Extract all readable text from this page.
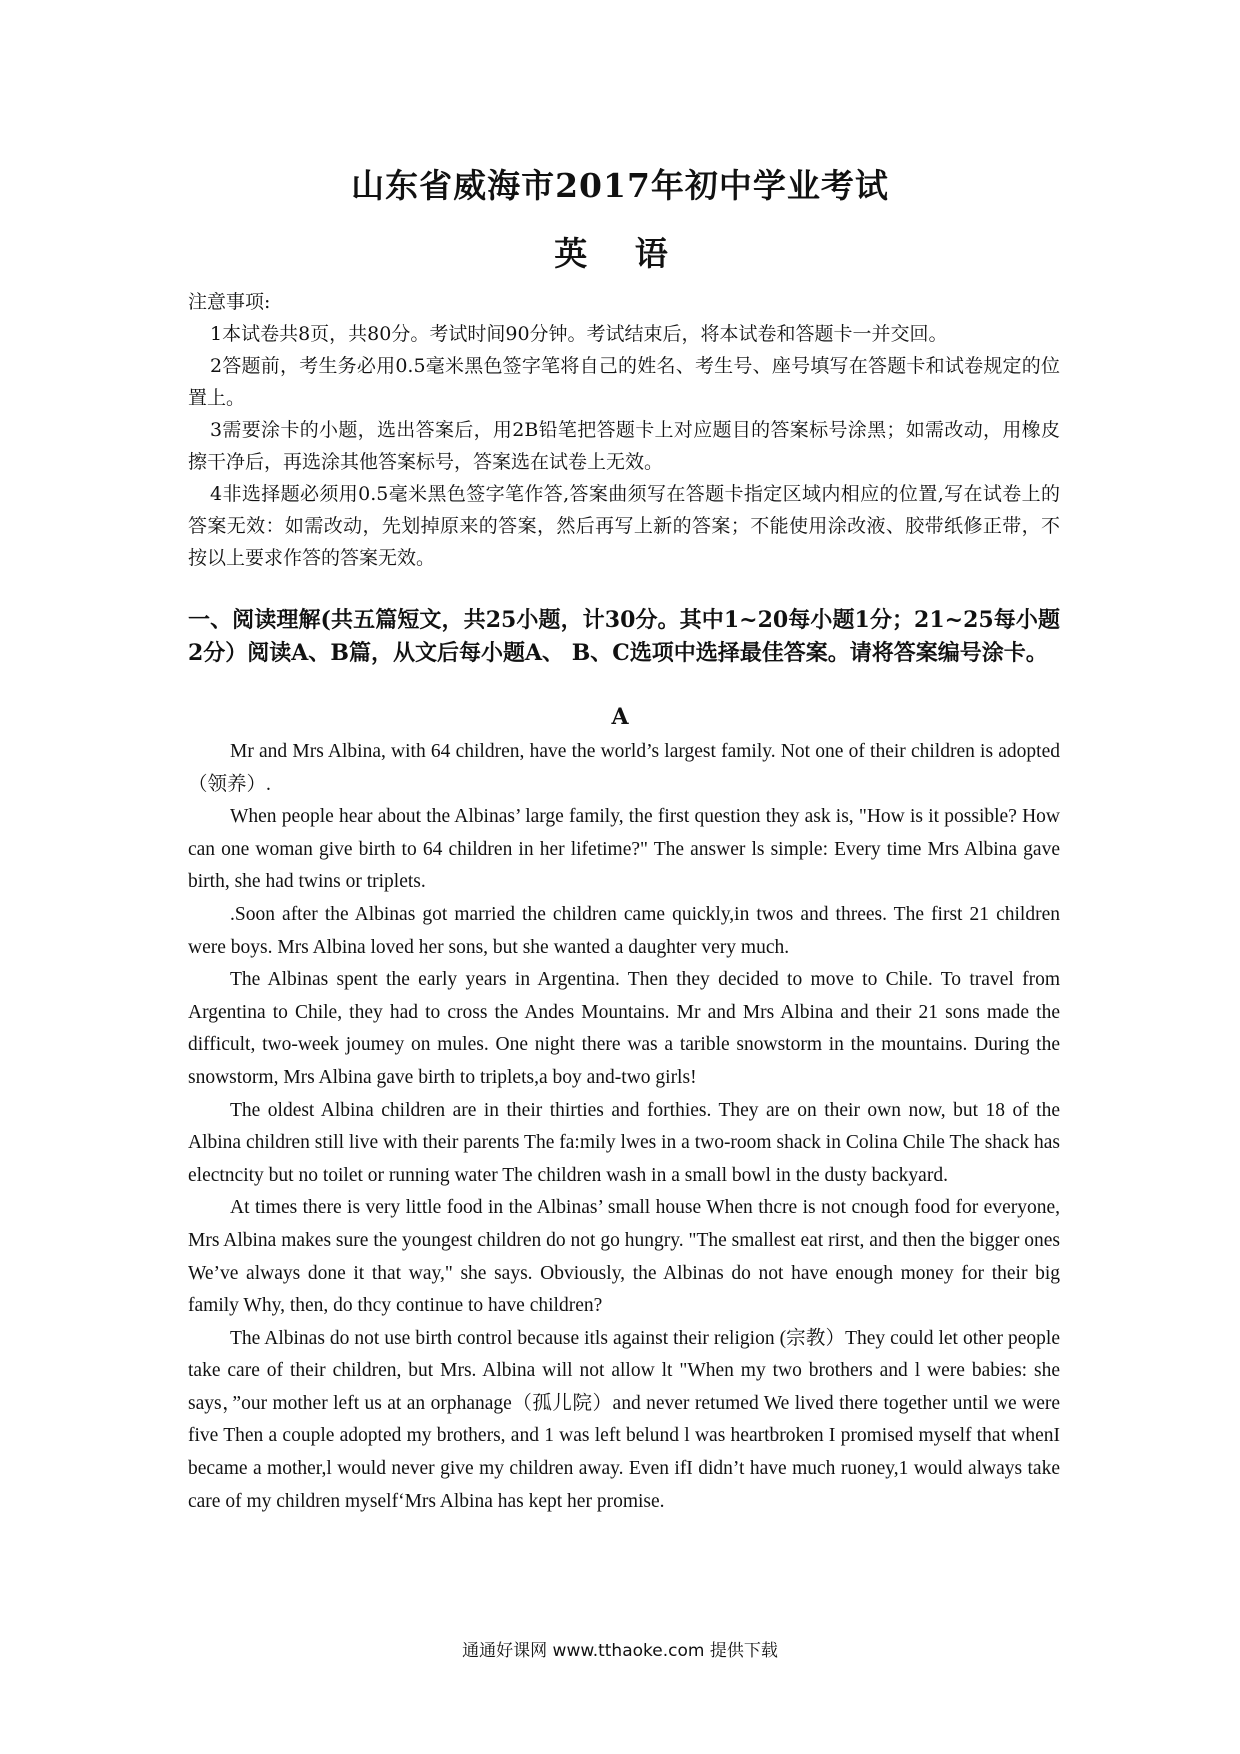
山东省威海市2017年初中学业考试
英 语

注意事项:

1本试卷共8页，共80分。考试时间90分钟。考试结束后，将本试卷和答题卡一并交回。

2答题前，考生务必用0.5毫米黑色签字笔将自己的姓名、考生号、座号填写在答题卡和试卷规定的位置上。

3需要涂卡的小题，选出答案后，用2B铅笔把答题卡上对应题目的答案标号涂黑；如需改动，用橡皮擦干净后，再选涂其他答案标号，答案选在试卷上无效。

4非选择题必须用0.5毫米黑色签字笔作答,答案曲须写在答题卡指定区域内相应的位置,写在试卷上的答案无效：如需改动，先划掉原来的答案，然后再写上新的答案；不能使用涂改液、胶带纸修正带，不按以上要求作答的答案无效。

一、阅读理解(共五篇短文，共25小题，计30分。其中1~20每小题1分；21~25每小题2分）阅读A、B篇，从文后每小题A、 B、C选项中选择最佳答案。请将答案编号涂卡。

A

Mr and Mrs Albina, with 64 children, have the world’s largest family. Not one of their children is adopted（领养）.

When people hear about the Albinas’ large family, the first question they ask is, "How is it possible? How can one woman give birth to 64 children in her lifetime?" The answer ls simple: Every time Mrs Albina gave birth, she had twins or triplets.

.Soon after the Albinas got married the children came quickly,in twos and threes. The first 21 children were boys. Mrs Albina loved her sons, but she wanted a daughter very much.

The Albinas spent the early years in Argentina. Then they decided to move to Chile. To travel from Argentina to Chile, they had to cross the Andes Mountains. Mr and Mrs Albina and their 21 sons made the difficult, two-week joumey on mules. One night there was a tarible snowstorm in the mountains. During the snowstorm, Mrs Albina gave birth to triplets,a boy and-two girls!

The oldest Albina children are in their thirties and forthies. They are on their own now, but 18 of the Albina children still live with their parents The fa:mily lwes in a two-room shack in Colina Chile The shack has electncity but no toilet or running water The children wash in a small bowl in the dusty backyard.

At times there is very little food in the Albinas’ small house When thcre is not cnough food for everyone, Mrs Albina makes sure the youngest children do not go hungry. "The smallest eat rirst, and then the bigger ones We’ve always done it that way," she says. Obviously, the Albinas do not have enough money for their big family Why, then, do thcy continue to have children?

The Albinas do not use birth control because itls against their religion (宗教）They could let other people take care of their children, but Mrs. Albina will not allow lt "When my two brothers and l were babies: she says，”our mother left us at an orphanage（孤儿院）and never retumed We lived there together until we were five Then a couple adopted my brothers, and 1 was left belund l was heartbroken I promised myself that whenI became a mother,l would never give my children away. Even ifI didn’t have much ruoney,1 would always take care of my children myself‘Mrs Albina has kept her promise.

通通好课网 www.tthaoke.com 提供下载
